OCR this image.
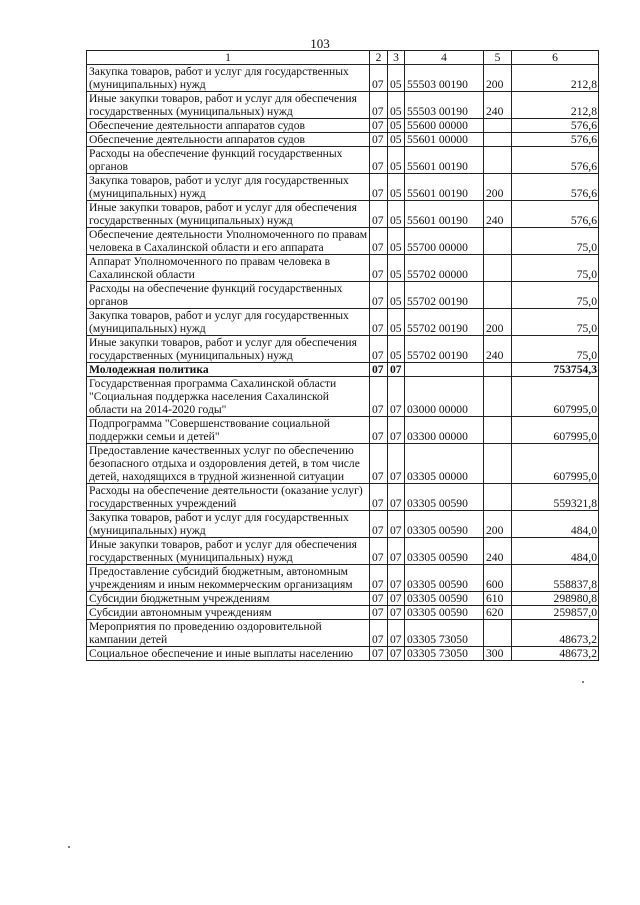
103
1	2	3	4	5	6
Закупка товаров, работ и услуг для государственных (муниципальных) нужд	07	05	55503 00190	200	212,8
Иные закупки товаров, работ и услуг для обеспечения государственных (муниципальных) нужд	07	05	55503 00190	240	212,8
Обеспечение деятельности аппаратов судов	07	05	55600 00000		576,6
Обеспечение деятельности аппаратов судов	07	05	55601 00000		576,6
Расходы на обеспечение функций государственных органов	07	05	55601 00190		576,6
Закупка товаров, работ и услуг для государственных (муниципальных) нужд	07	05	55601 00190	200	576,6
Иные закупки товаров, работ и услуг для обеспечения государственных (муниципальных) нужд	07	05	55601 00190	240	576,6
Обеспечение деятельности Уполномоченного по правам человека в Сахалинской области и его аппарата	07	05	55700 00000		75,0
Аппарат Уполномоченного по правам человека в Сахалинской области	07	05	55702 00000		75,0
Расходы на обеспечение функций государственных органов	07	05	55702 00190		75,0
Закупка товаров, работ и услуг для государственных (муниципальных) нужд	07	05	55702 00190	200	75,0
Иные закупки товаров, работ и услуг для обеспечения государственных (муниципальных) нужд	07	05	55702 00190	240	75,0
Молодежная политика	07	07			753754,3
Государственная программа Сахалинской области "Социальная поддержка населения Сахалинской области на 2014-2020 годы"	07	07	03000 00000		607995,0
Подпрограмма "Совершенствование социальной поддержки семьи и детей"	07	07	03300 00000		607995,0
Предоставление качественных услуг по обеспечению безопасного отдыха и оздоровления детей, в том числе детей, находящихся в трудной жизненной ситуации	07	07	03305 00000		607995,0
Расходы на обеспечение деятельности (оказание услуг) государственных учреждений	07	07	03305 00590		559321,8
Закупка товаров, работ и услуг для государственных (муниципальных) нужд	07	07	03305 00590	200	484,0
Иные закупки товаров, работ и услуг для обеспечения государственных (муниципальных) нужд	07	07	03305 00590	240	484,0
Предоставление субсидий бюджетным, автономным учреждениям и иным некоммерческим организациям	07	07	03305 00590	600	558837,8
Субсидии бюджетным учреждениям	07	07	03305 00590	610	298980,8
Субсидии автономным учреждениям	07	07	03305 00590	620	259857,0
Мероприятия по проведению оздоровительной кампании детей	07	07	03305 73050		48673,2
Социальное обеспечение и иные выплаты населению	07	07	03305 73050	300	48673,2
